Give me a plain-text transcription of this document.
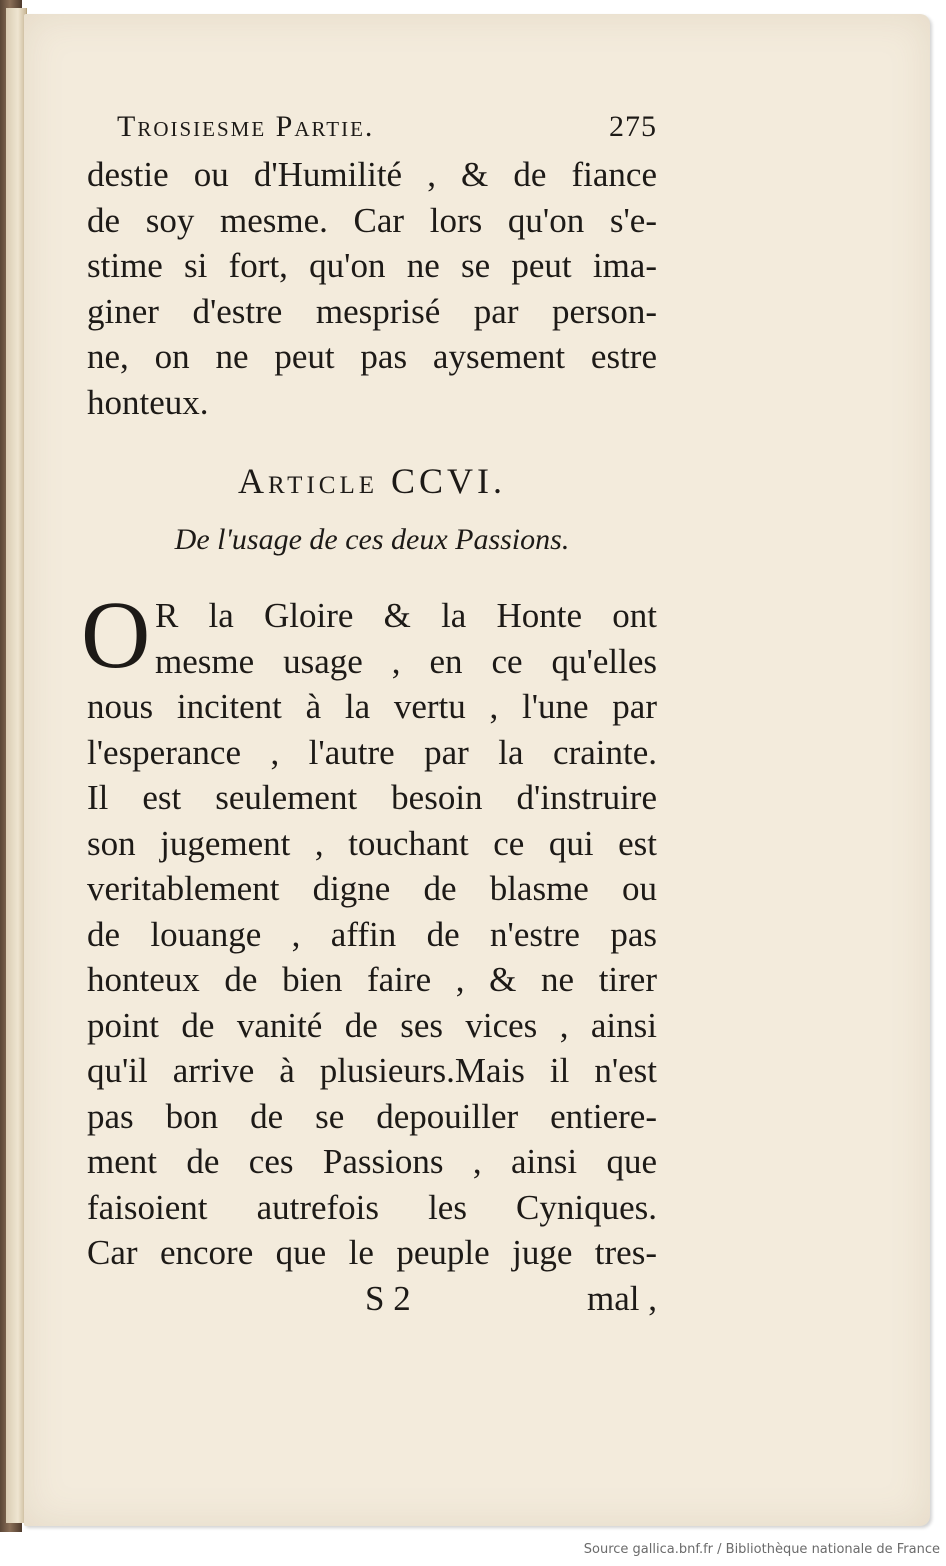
Troisiesme Partie.	275
destie ou d'Humilité , & de fiance
de soy mesme. Car lors qu'on s'e-
stime si fort, qu'on ne se peut ima-
giner d'estre mesprisé par person-
ne, on ne peut pas aysement estre
honteux.
Article CCVI.
De l'usage de ces deux Passions.
O R la Gloire & la Honte ont
mesme usage , en ce qu'elles
nous incitent à la vertu , l'une par
l'esperance , l'autre par la crainte.
Il est seulement besoin d'instruire
son jugement , touchant ce qui est
veritablement digne de blasme ou
de louange , affin de n'estre pas
honteux de bien faire , & ne tirer
point de vanité de ses vices , ainsi
qu'il arrive à plusieurs.Mais il n'est
pas bon de se depouiller entiere-
ment de ces Passions , ainsi que
faisoient autrefois les Cyniques.
Car encore que le peuple juge tres-
S 2	mal ,
Source gallica.bnf.fr / Bibliothèque nationale de France
